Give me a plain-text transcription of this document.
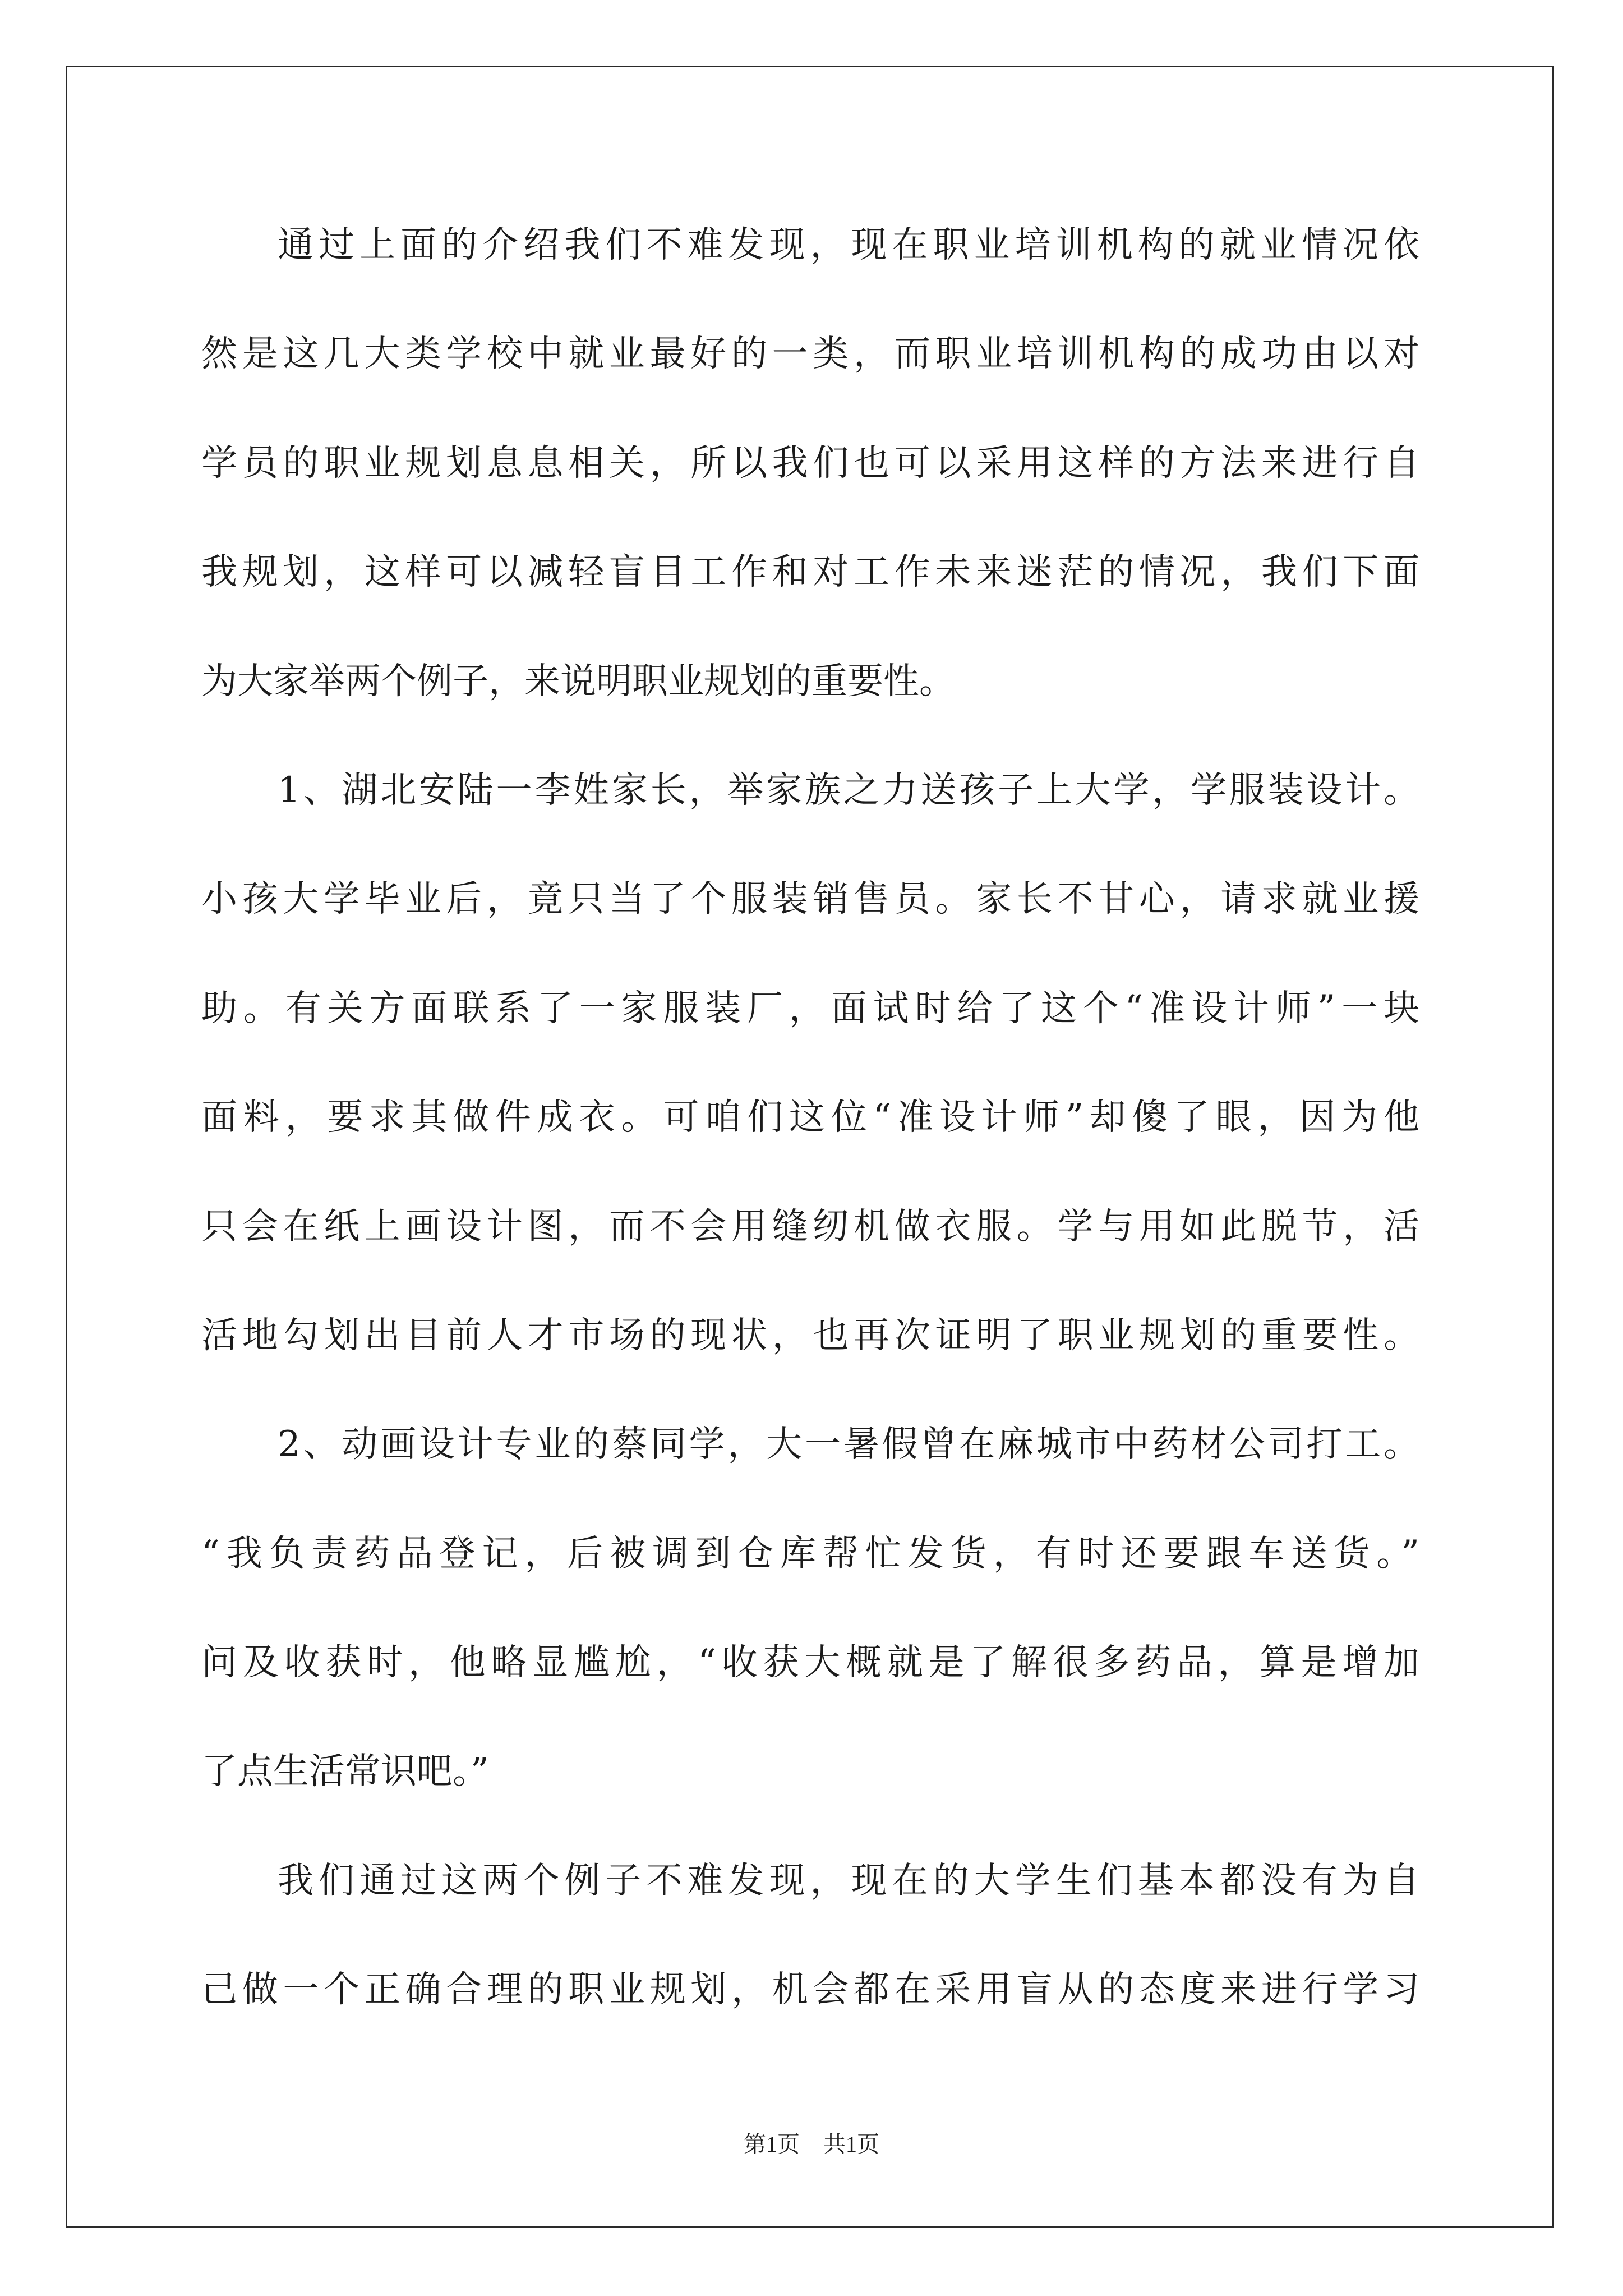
通过上面的介绍我们不难发现，现在职业培训机构的就业情况依
然是这几大类学校中就业最好的一类，而职业培训机构的成功由以对
学员的职业规划息息相关，所以我们也可以采用这样的方法来进行自
我规划，这样可以减轻盲目工作和对工作未来迷茫的情况，我们下面
为大家举两个例子，来说明职业规划的重要性。
1、湖北安陆一李姓家长，举家族之力送孩子上大学，学服装设计。
小孩大学毕业后，竟只当了个服装销售员。家长不甘心，请求就业援
助。有关方面联系了一家服装厂，面试时给了这个“准设计师”一块
面料，要求其做件成衣。可咱们这位“准设计师”却傻了眼，因为他
只会在纸上画设计图，而不会用缝纫机做衣服。学与用如此脱节，活
活地勾划出目前人才市场的现状，也再次证明了职业规划的重要性。
2、动画设计专业的蔡同学，大一暑假曾在麻城市中药材公司打工。
“我负责药品登记，后被调到仓库帮忙发货，有时还要跟车送货。”
问及收获时，他略显尴尬，“收获大概就是了解很多药品，算是增加
了点生活常识吧。”
我们通过这两个例子不难发现，现在的大学生们基本都没有为自
己做一个正确合理的职业规划，机会都在采用盲从的态度来进行学习
第1页 共1页
